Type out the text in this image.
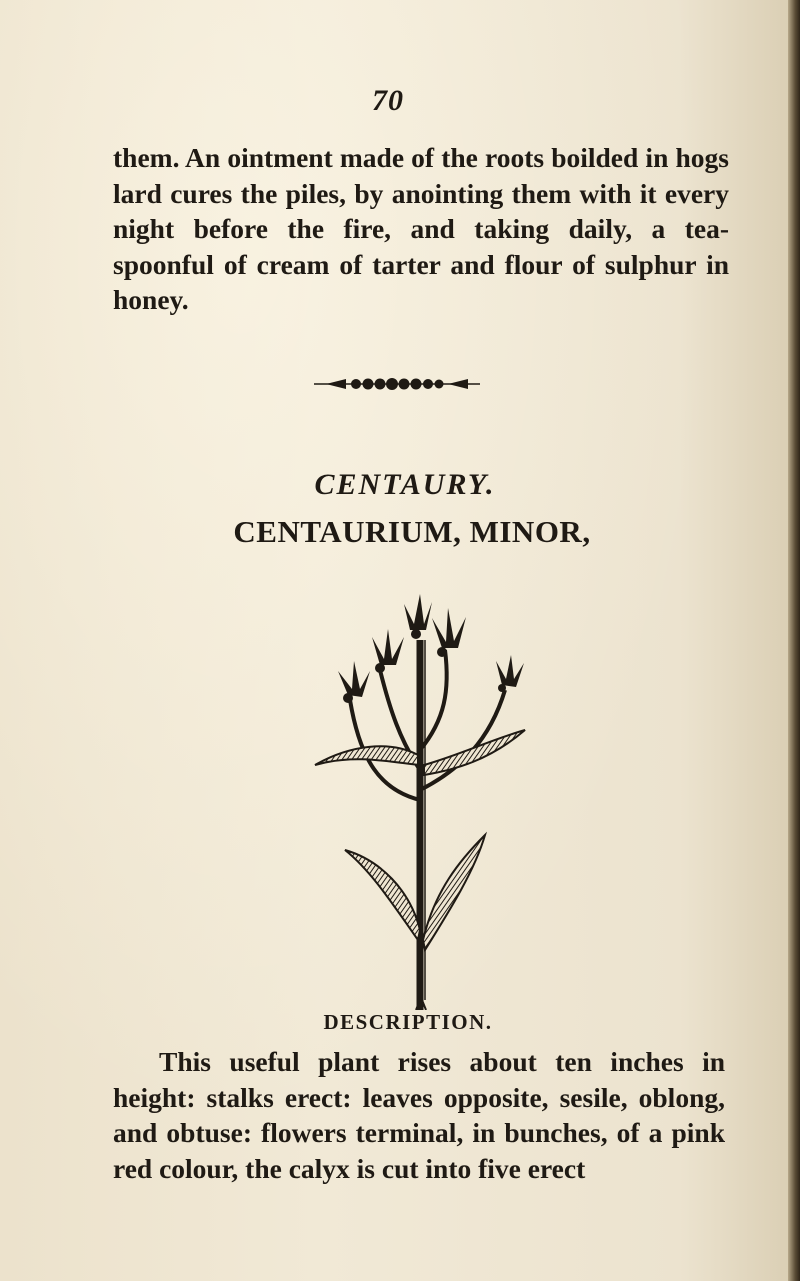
70

them. An ointment made of the roots boilded in hogs lard cures the piles, by anointing them with it every night before the fire, and taking daily, a tea-spoonful of cream of tarter and flour of sulphur in honey.

CENTAURY.
CENTAURIUM, MINOR,
DESCRIPTION.

This useful plant rises about ten inches in height: stalks erect: leaves opposite, sesile, oblong, and obtuse: flowers terminal, in bunches, of a pink red colour, the calyx is cut into five erect
